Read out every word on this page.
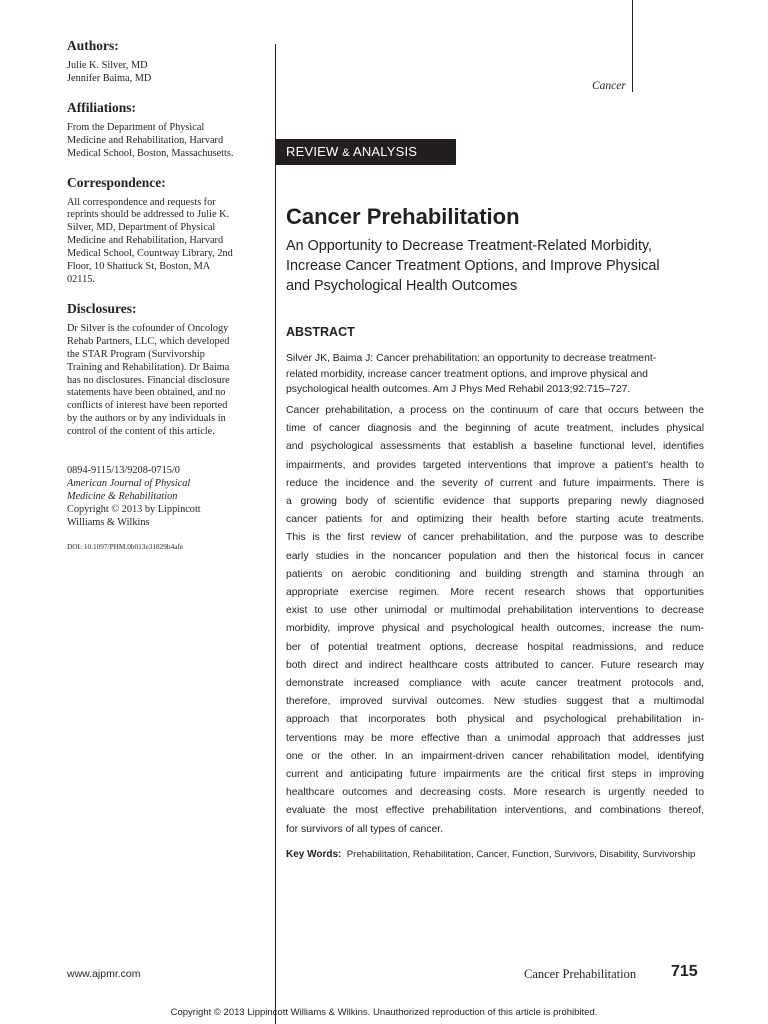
Authors:
Julie K. Silver, MD
Jennifer Baima, MD
Affiliations:
From the Department of Physical
Medicine and Rehabilitation, Harvard
Medical School, Boston, Massachusetts.
Correspondence:
All correspondence and requests for
reprints should be addressed to Julie K.
Silver, MD, Department of Physical
Medicine and Rehabilitation, Harvard
Medical School, Countway Library, 2nd
Floor, 10 Shattuck St, Boston, MA
02115.
Disclosures:
Dr Silver is the cofounder of Oncology
Rehab Partners, LLC, which developed
the STAR Program (Survivorship
Training and Rehabilitation). Dr Baima
has no disclosures. Financial disclosure
statements have been obtained, and no
conflicts of interest have been reported
by the authors or by any individuals in
control of the content of this article.
0894-9115/13/9208-0715/0
American Journal of Physical
Medicine & Rehabilitation
Copyright © 2013 by Lippincott
Williams & Wilkins
DOI: 10.1097/PHM.0b013e31829b4afe
Cancer
REVIEW & ANALYSIS
Cancer Prehabilitation
An Opportunity to Decrease Treatment-Related Morbidity,
Increase Cancer Treatment Options, and Improve Physical
and Psychological Health Outcomes
ABSTRACT
Silver JK, Baima J: Cancer prehabilitation: an opportunity to decrease treatment-
related morbidity, increase cancer treatment options, and improve physical and
psychological health outcomes. Am J Phys Med Rehabil 2013;92:715–727.
Cancer prehabilitation, a process on the continuum of care that occurs between the
time of cancer diagnosis and the beginning of acute treatment, includes physical
and psychological assessments that establish a baseline functional level, identifies
impairments, and provides targeted interventions that improve a patient’s health to
reduce the incidence and the severity of current and future impairments. There is
a growing body of scientific evidence that supports preparing newly diagnosed
cancer patients for and optimizing their health before starting acute treatments.
This is the first review of cancer prehabilitation, and the purpose was to describe
early studies in the noncancer population and then the historical focus in cancer
patients on aerobic conditioning and building strength and stamina through an
appropriate exercise regimen. More recent research shows that opportunities
exist to use other unimodal or multimodal prehabilitation interventions to decrease
morbidity, improve physical and psychological health outcomes, increase the num-
ber of potential treatment options, decrease hospital readmissions, and reduce
both direct and indirect healthcare costs attributed to cancer. Future research may
demonstrate increased compliance with acute cancer treatment protocols and,
therefore, improved survival outcomes. New studies suggest that a multimodal
approach that incorporates both physical and psychological prehabilitation in-
terventions may be more effective than a unimodal approach that addresses just
one or the other. In an impairment-driven cancer rehabilitation model, identifying
current and anticipating future impairments are the critical first steps in improving
healthcare outcomes and decreasing costs. More research is urgently needed to
evaluate the most effective prehabilitation interventions, and combinations thereof,
for survivors of all types of cancer.
Key Words: Prehabilitation, Rehabilitation, Cancer, Function, Survivors, Disability, Survivorship
www.ajpmr.com	Cancer Prehabilitation 715
Copyright © 2013 Lippincott Williams & Wilkins. Unauthorized reproduction of this article is prohibited.
